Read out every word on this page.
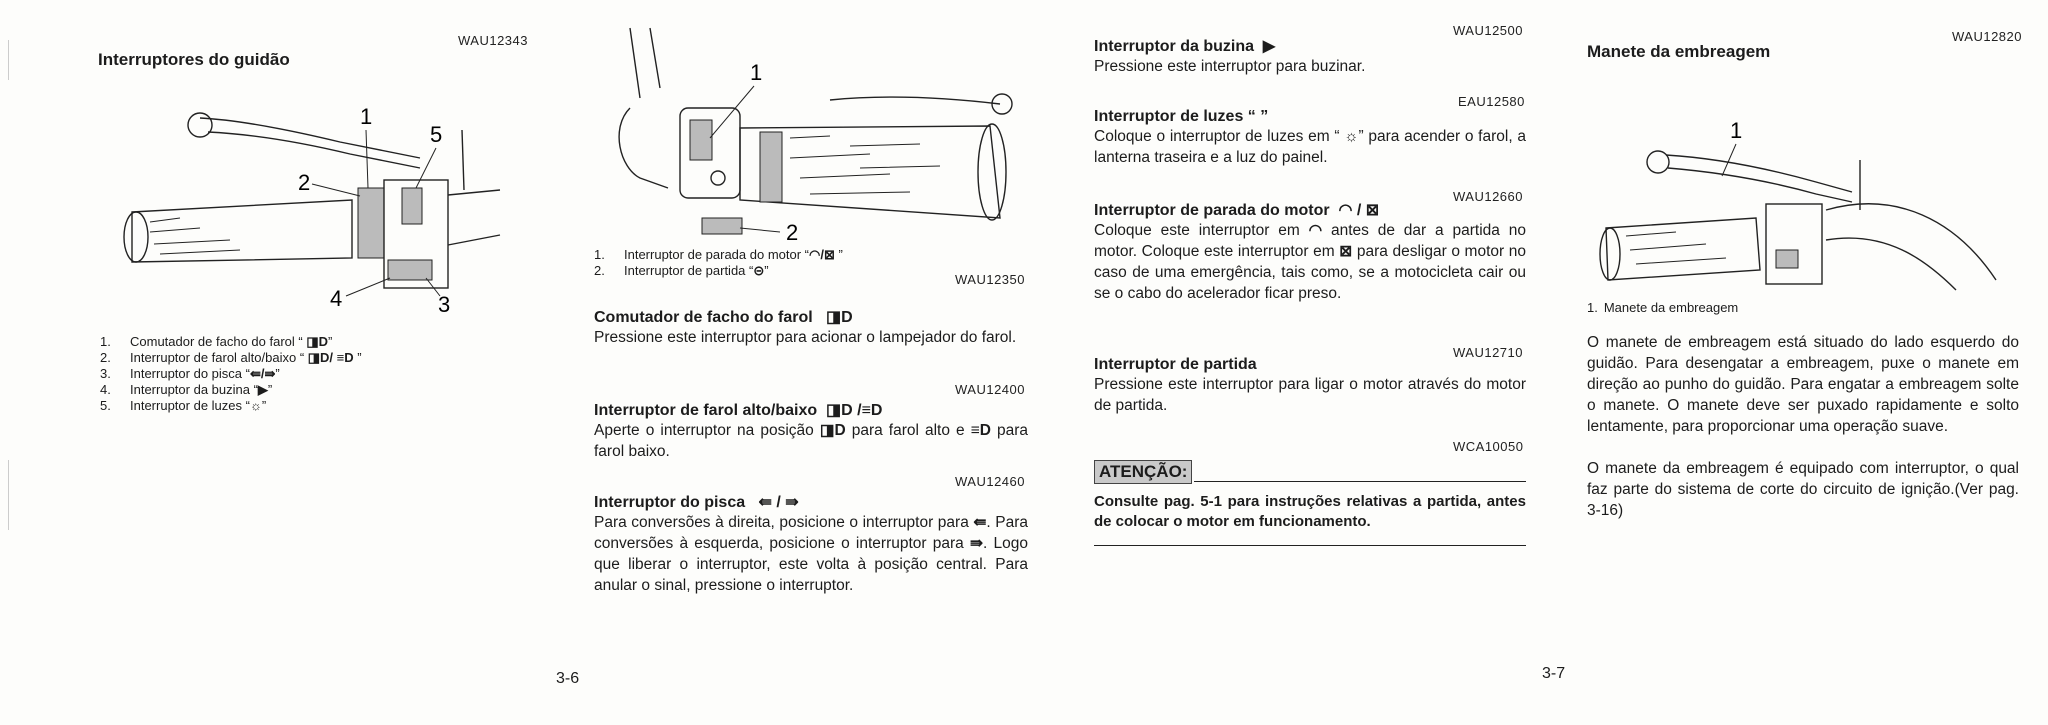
WAU12343
Interruptores do guidão
1
2
3
4
5
1.	Comutador de facho do farol “ ◨D”
2.	Interruptor de farol alto/baixo “ ◨D/ ≡D ”
3.	Interruptor do pisca “⇚/⇛”
4.	Interruptor da buzina “▶”
5.	Interruptor de luzes “☼”
1
2
1.	Interruptor de parada do motor “◠/⊠ ”
2.	Interruptor de partida “⊝”
WAU12350
Comutador de facho do farol ◨D
Pressione este interruptor para acionar o lampejador do farol.
WAU12400
Interruptor de farol alto/baixo ◨D /≡D
Aperte o interruptor na posição ◨D para farol alto e ≡D para farol baixo.
WAU12460
Interruptor do pisca ⇚ / ⇛
Para conversões à direita, posicione o interruptor para ⇚. Para conversões à esquerda, posicione o interruptor para ⇛. Logo que liberar o interruptor, este volta à posição central. Para anular o sinal, pressione o interruptor.
3-6
WAU12500
Interruptor da buzina ▶
Pressione este interruptor para buzinar.
EAU12580
Interruptor de luzes “ ”
Coloque o interruptor de luzes em “ ☼” para acender o farol, a lanterna traseira e a luz do painel.
WAU12660
Interruptor de parada do motor ◠ / ⊠
Coloque este interruptor em ◠ antes de dar a partida no motor. Coloque este interruptor em ⊠ para desligar o motor no caso de uma emergência, tais como, se a motocicleta cair ou se o cabo do acelerador ficar preso.
WAU12710
Interruptor de partida
Pressione este interruptor para ligar o motor através do motor de partida.
WCA10050
ATENÇÃO:
Consulte pag. 5-1 para instruções relativas a partida, antes de colocar o motor em funcionamento.
WAU12820
Manete da embreagem
1
1. Manete da embreagem
O manete de embreagem está situado do lado esquerdo do guidão. Para desengatar a embreagem, puxe o manete em direção ao punho do guidão. Para engatar a embreagem solte o manete. O manete deve ser puxado rapidamente e solto lentamente, para proporcionar uma operação suave.
O manete da embreagem é equipado com interruptor, o qual faz parte do sistema de corte do circuito de ignição.(Ver pag. 3-16)
3-7
